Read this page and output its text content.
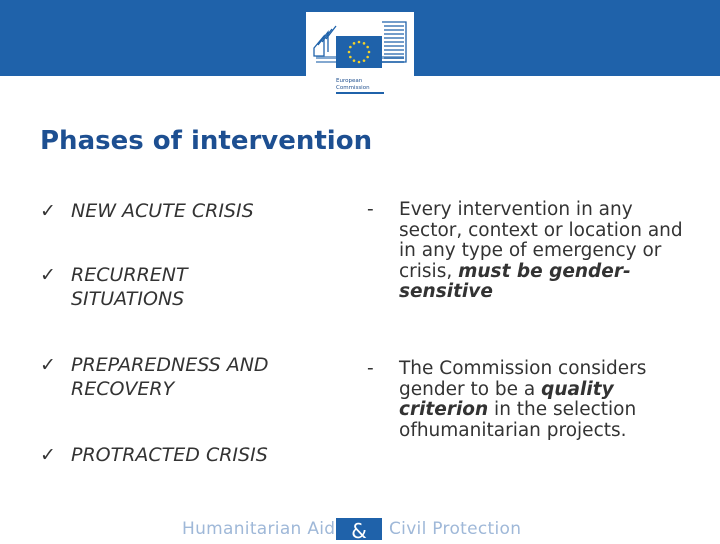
European
Commission
Phases of intervention
✓ NEW ACUTE CRISIS
✓ RECURRENT
SITUATIONS
✓ PREPAREDNESS AND
RECOVERY
✓ PROTRACTED CRISIS
- Every intervention in any sector, context or location and in any type of emergency or crisis, must be gender-sensitive
- The Commission considers gender to be a quality criterion in the selection ofhumanitarian projects.
Humanitarian Aid &	Civil Protection
